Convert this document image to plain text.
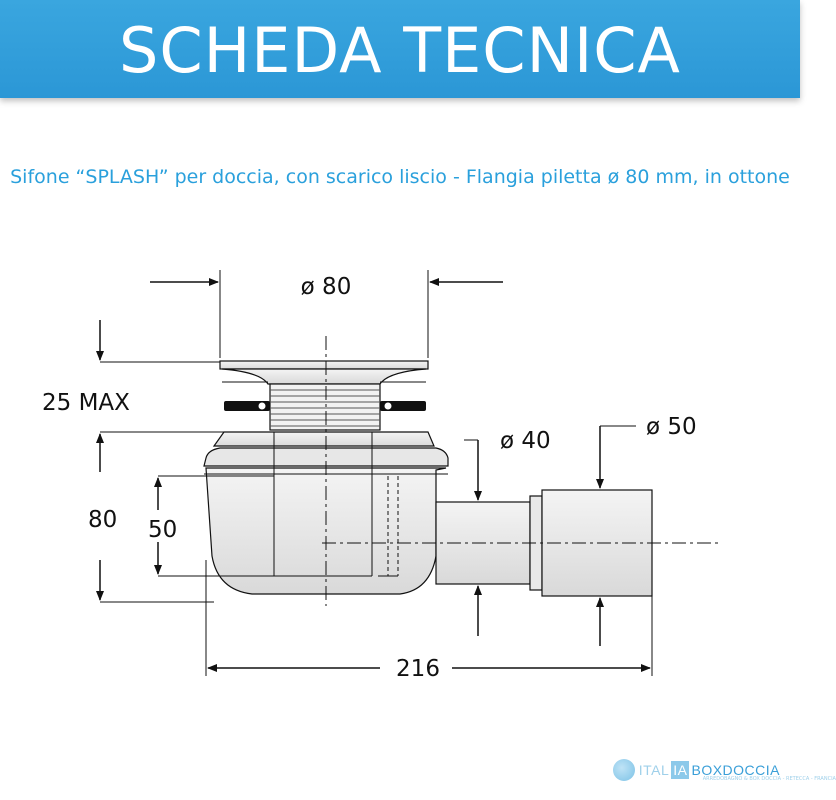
SCHEDA TECNICA
Sifone “SPLASH” per doccia, con scarico liscio - Flangia piletta ø 80 mm, in ottone
ø 80
25 MAX
80 50
ø 40
ø 50
216
ITAL IA BOXDOCCIA
ARREDOBAGNO & BOX DOCCIA - RETECCA - FRANCIA
